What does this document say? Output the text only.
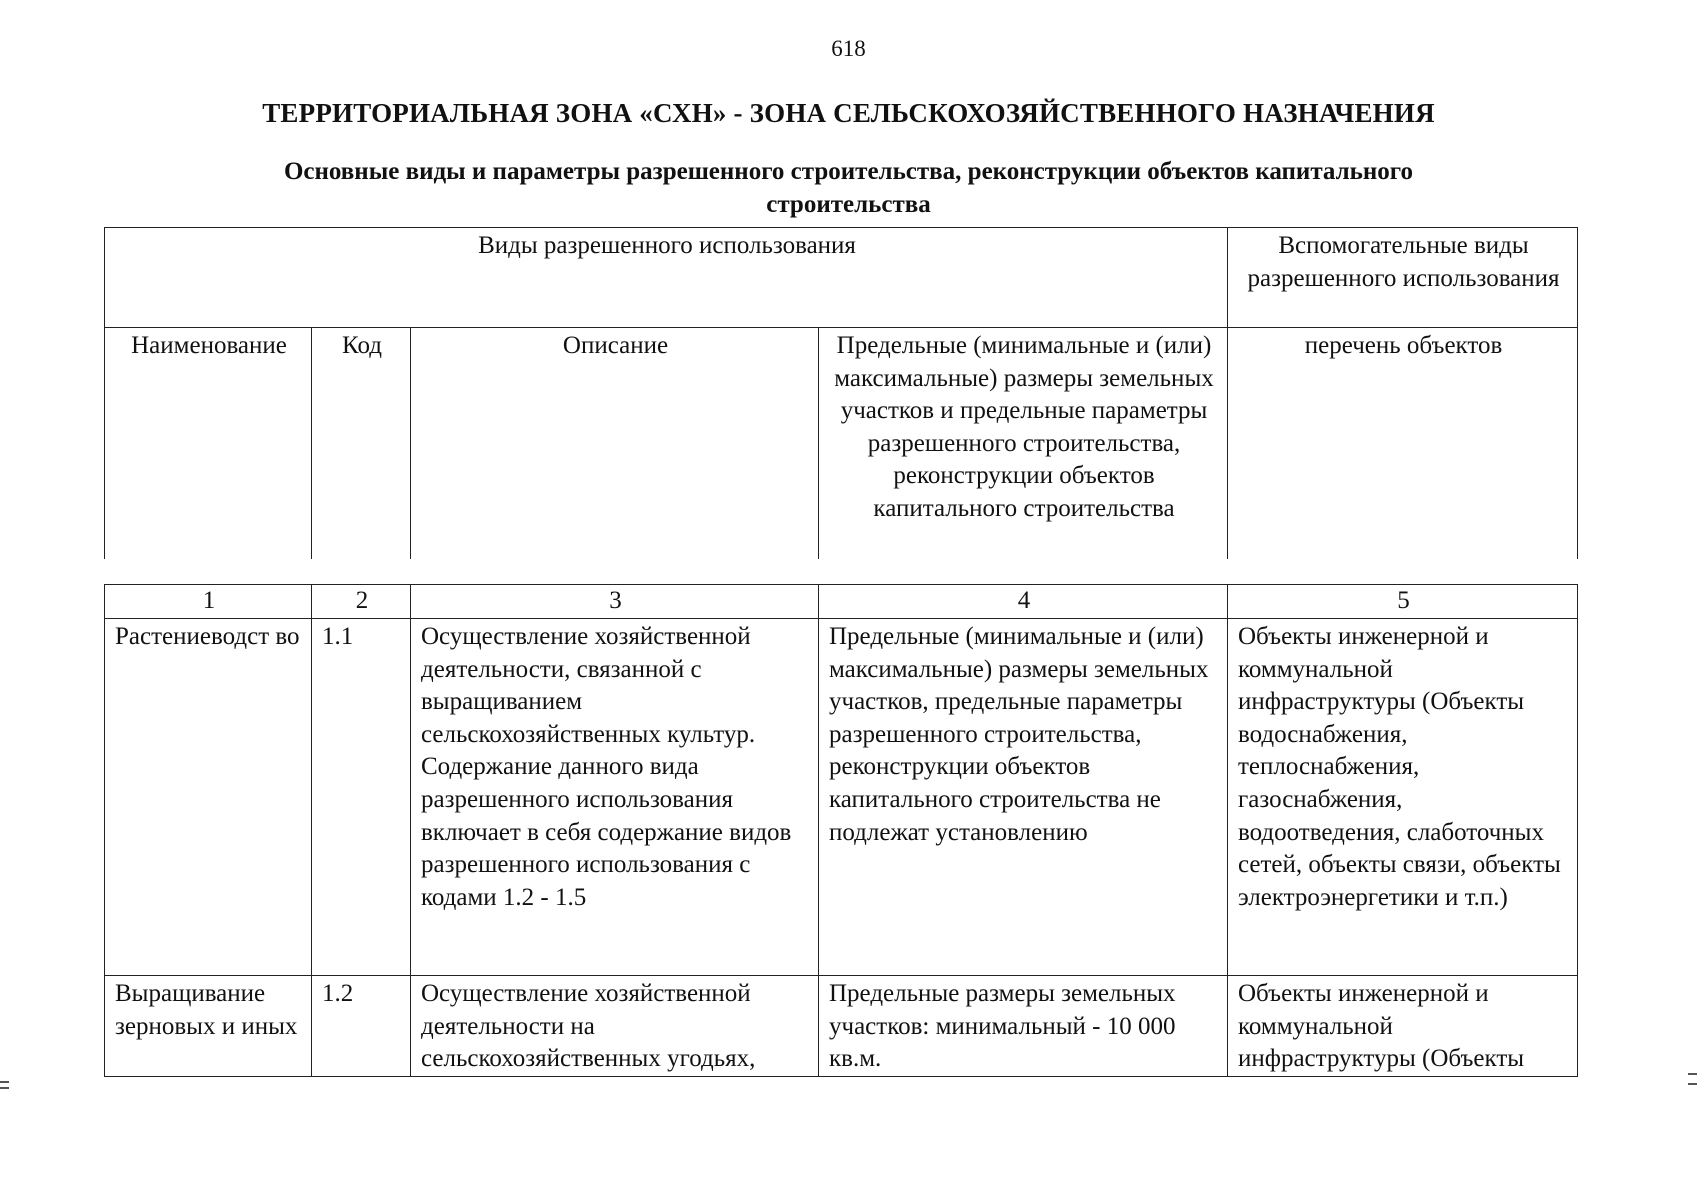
618
ТЕРРИТОРИАЛЬНАЯ ЗОНА «СХН» - ЗОНА СЕЛЬСКОХОЗЯЙСТВЕННОГО НАЗНАЧЕНИЯ
Основные виды и параметры разрешенного строительства, реконструкции объектов капитального строительства
Виды разрешенного использования				Вспомогательные виды разрешенного использования
Наименование	Код	Описание	Предельные (минимальные и (или) максимальные) размеры земельных участков и предельные параметры разрешенного строительства, реконструкции объектов капитального строительства	перечень объектов
1	2	3	4	5
Растениеводст во	1.1	Осуществление хозяйственной деятельности, связанной с выращиванием сельскохозяйственных культур. Содержание данного вида разрешенного использования включает в себя содержание видов разрешенного использования с кодами 1.2 - 1.5	Предельные (минимальные и (или) максимальные) размеры земельных участков, предельные параметры разрешенного строительства, реконструкции объектов капитального строительства не подлежат установлению	Объекты инженерной и коммунальной инфраструктуры (Объекты водоснабжения, теплоснабжения, газоснабжения, водоотведения, слаботочных сетей, объекты связи, объекты электроэнергетики и т.п.)
Выращивание зерновых и иных	1.2	Осуществление хозяйственной деятельности на сельскохозяйственных угодьях,	Предельные размеры земельных участков: минимальный - 10 000 кв.м.	Объекты инженерной и коммунальной инфраструктуры (Объекты
